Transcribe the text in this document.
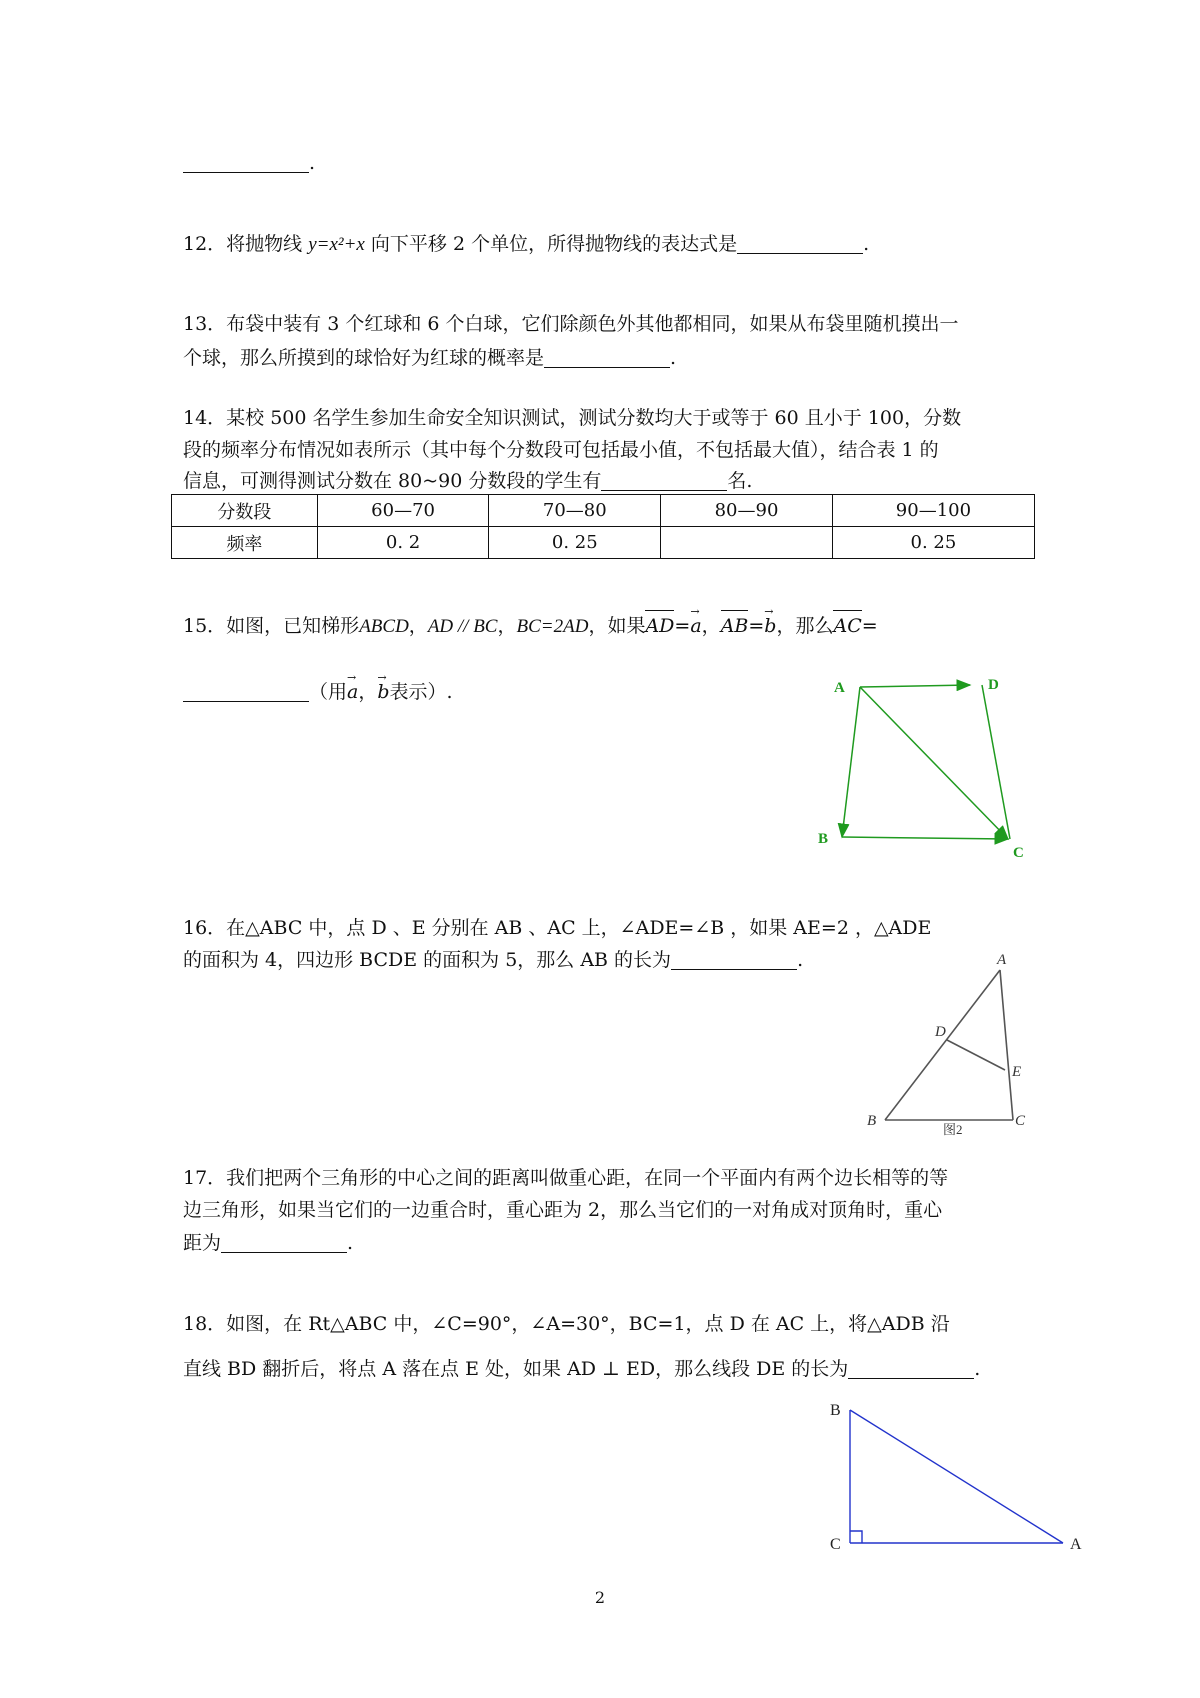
.
12．将抛物线 y=x²+x 向下平移 2 个单位，所得抛物线的表达式是	.
13．布袋中装有 3 个红球和 6 个白球，它们除颜色外其他都相同，如果从布袋里随机摸出一
个球，那么所摸到的球恰好为红球的概率是	.
14．某校 500 名学生参加生命安全知识测试，测试分数均大于或等于 60 且小于 100，分数
段的频率分布情况如表所示（其中每个分数段可包括最小值，不包括最大值），结合表 1 的
信息，可测得测试分数在 80~90 分数段的学生有	名.
分数段	60—70	70—80	80—90	90—100
频率	0. 2	0. 25		0. 25
15．如图，已知梯形ABCD，AD // BC，BC=2AD，如果AD=a →，AB=b →，那么AC=
（用a →，b →表示）.	A	D
B
C
16．在△ABC 中，点 D 、E 分别在 AB 、AC 上，∠ADE=∠B ，如果 AE=2 ，△ADE
的面积为 4，四边形 BCDE 的面积为 5，那么 AB 的长为	.	A
D
E
B	C
图2
17．我们把两个三角形的中心之间的距离叫做重心距，在同一个平面内有两个边长相等的等
边三角形，如果当它们的一边重合时，重心距为 2，那么当它们的一对角成对顶角时，重心
距为	.
18．如图，在 Rt△ABC 中，∠C=90°，∠A=30°，BC=1，点 D 在 AC 上，将△ADB 沿
直线 BD 翻折后，将点 A 落在点 E 处，如果 AD ⊥ ED，那么线段 DE 的长为	.
B
C	A
2
